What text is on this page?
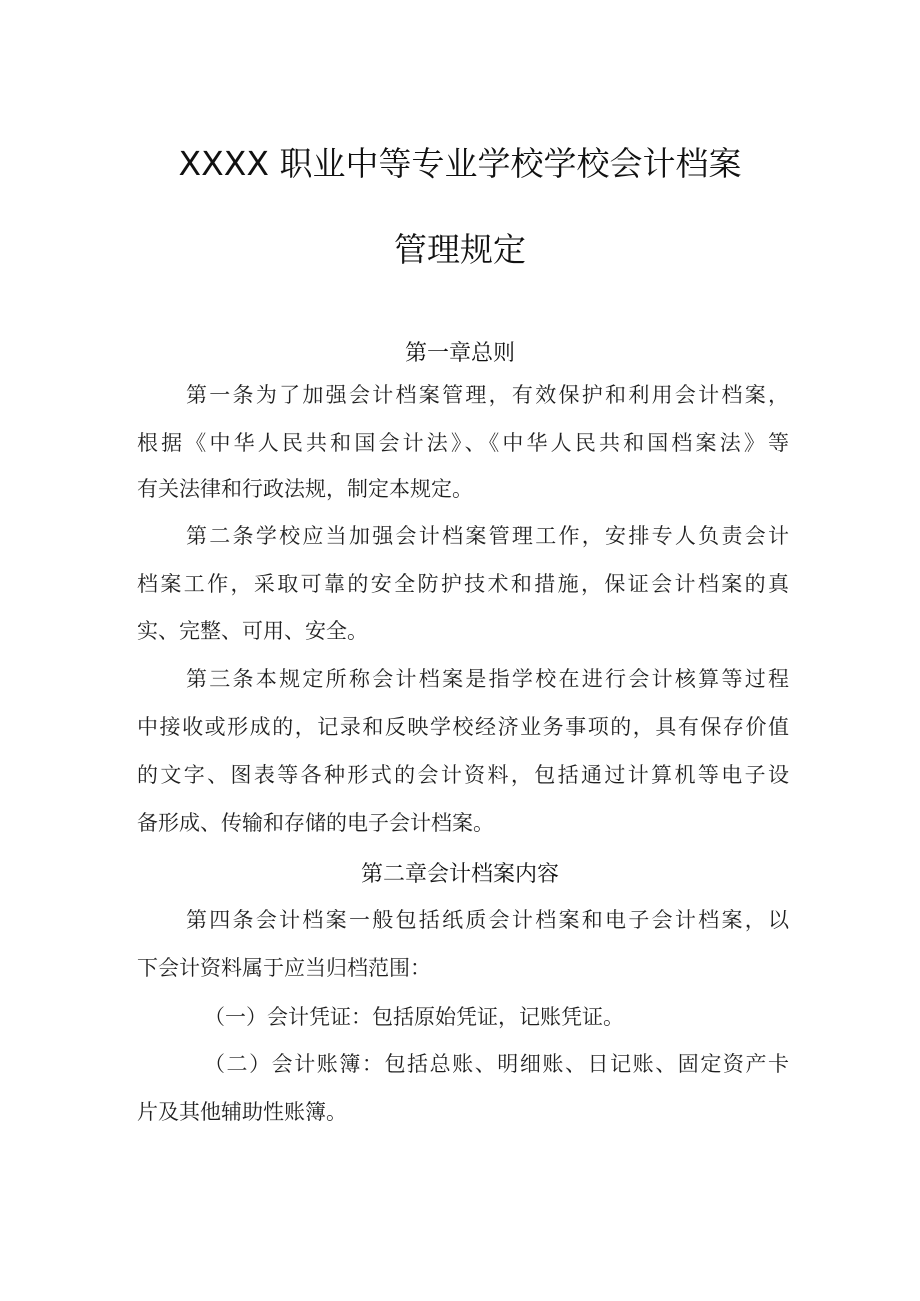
XXXX 职业中等专业学校学校会计档案
管理规定
第一章总则
第一条为了加强会计档案管理，有效保护和利用会计档案，
根据《中华人民共和国会计法》、《中华人民共和国档案法》等
有关法律和行政法规，制定本规定。
第二条学校应当加强会计档案管理工作，安排专人负责会计
档案工作，采取可靠的安全防护技术和措施，保证会计档案的真
实、完整、可用、安全。
第三条本规定所称会计档案是指学校在进行会计核算等过程
中接收或形成的，记录和反映学校经济业务事项的，具有保存价值
的文字、图表等各种形式的会计资料，包括通过计算机等电子设
备形成、传输和存储的电子会计档案。
第二章会计档案内容
第四条会计档案一般包括纸质会计档案和电子会计档案，以
下会计资料属于应当归档范围：
（一）会计凭证：包括原始凭证，记账凭证。
（二）会计账簿：包括总账、明细账、日记账、固定资产卡
片及其他辅助性账簿。
